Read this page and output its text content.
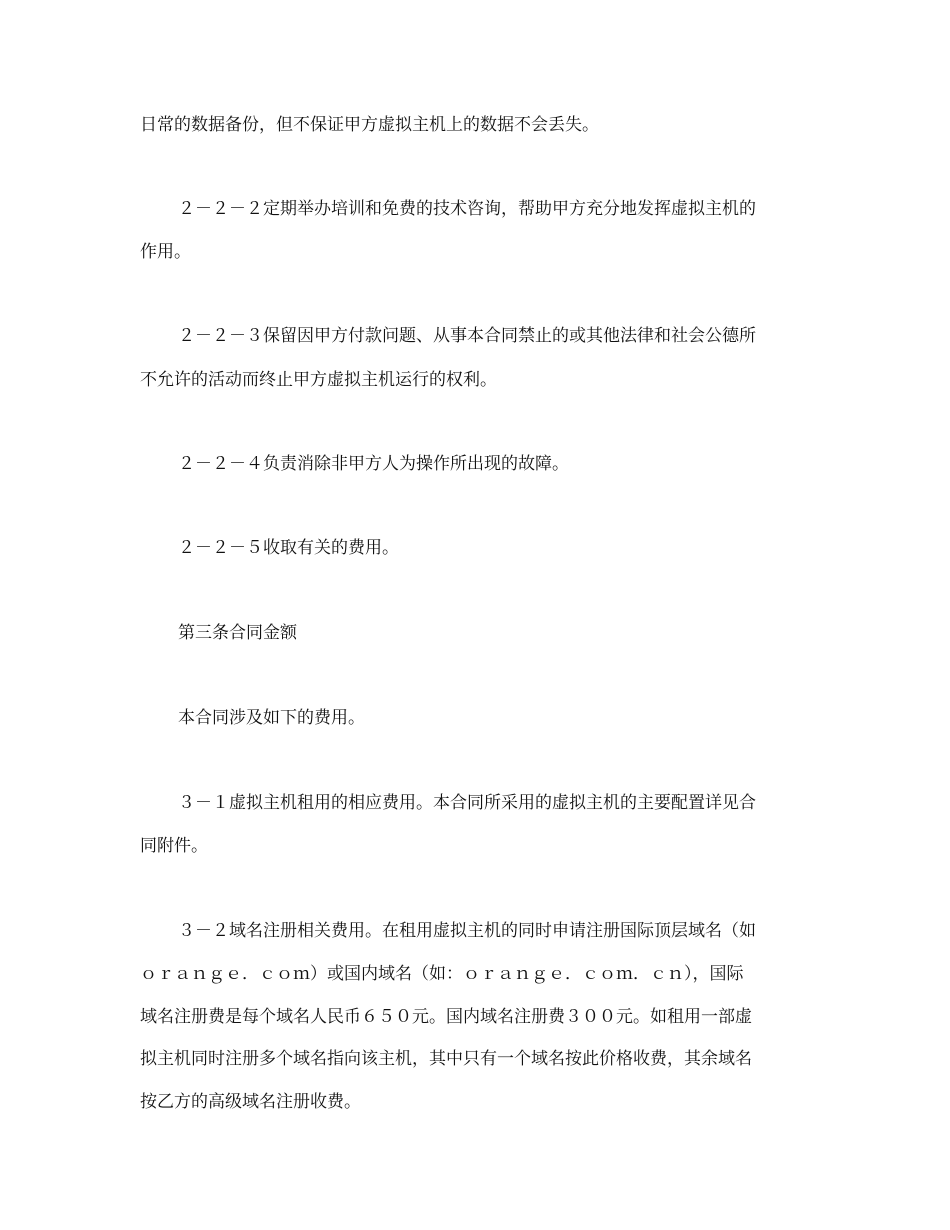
日常的数据备份，但不保证甲方虚拟主机上的数据不会丢失。
２－２－２定期举办培训和免费的技术咨询，帮助甲方充分地发挥虚拟主机的
作用。
２－２－３保留因甲方付款问题、从事本合同禁止的或其他法律和社会公德所
不允许的活动而终止甲方虚拟主机运行的权利。
２－２－４负责消除非甲方人为操作所出现的故障。
２－２－５收取有关的费用。
第三条合同金额
本合同涉及如下的费用。
３－１虚拟主机租用的相应费用。本合同所采用的虚拟主机的主要配置详见合
同附件。
３－２域名注册相关费用。在租用虚拟主机的同时申请注册国际顶层域名（如
ｏｒａｎｇｅ．ｃｏｍ）或国内域名（如：ｏｒａｎｇｅ．ｃｏｍ．ｃｎ），国际
域名注册费是每个域名人民币６５０元。国内域名注册费３００元。如租用一部虚
拟主机同时注册多个域名指向该主机，其中只有一个域名按此价格收费，其余域名
按乙方的高级域名注册收费。
